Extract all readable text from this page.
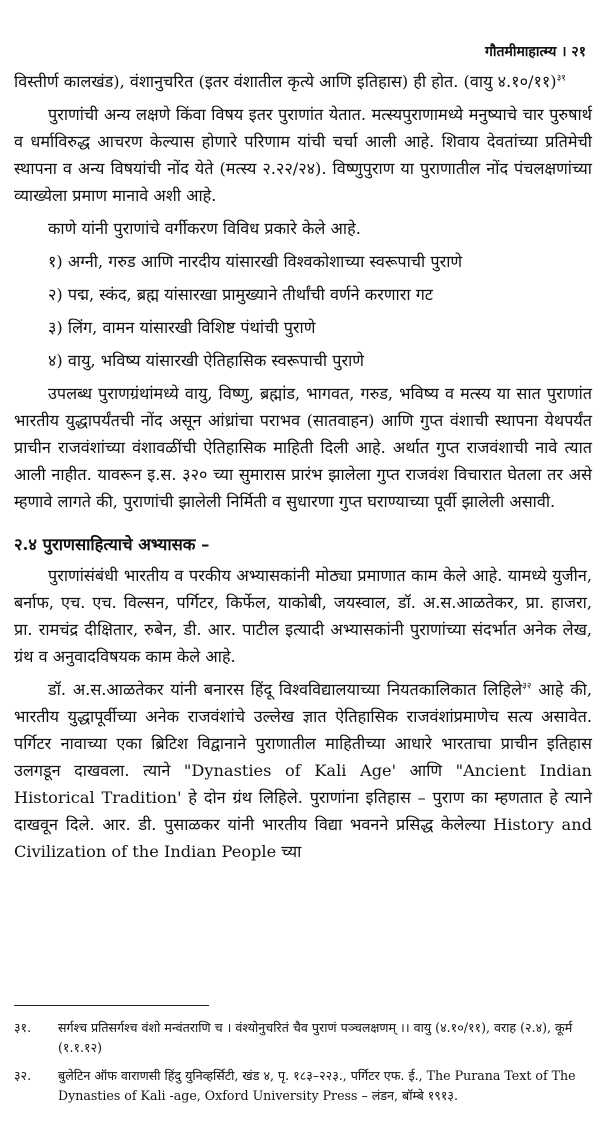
गौतमीमाहात्म्य । २१

विस्तीर्ण कालखंड), वंशानुचरित (इतर वंशातील कृत्ये आणि इतिहास) ही होत. (वायु ४.१०/११)$^{३१}$

पुराणांची अन्य लक्षणे किंवा विषय इतर पुराणांत येतात. मत्स्यपुराणामध्ये मनुष्याचे चार पुरुषार्थ व धर्माविरुद्ध आचरण केल्यास होणारे परिणाम यांची चर्चा आली आहे. शिवाय देवतांच्या प्रतिमेची स्थापना व अन्य विषयांची नोंद येते (मत्स्य २.२२/२४). विष्णुपुराण या पुराणातील नोंद पंचलक्षणांच्या व्याख्येला प्रमाण मानावे अशी आहे.

काणे यांनी पुराणांचे वर्गीकरण विविध प्रकारे केले आहे.

१) अग्नी, गरुड आणि नारदीय यांसारखी विश्वकोशाच्या स्वरूपाची पुराणे
२) पद्म, स्कंद, ब्रह्म यांसारखा प्रामुख्याने तीर्थांची वर्णने करणारा गट
३) लिंग, वामन यांसारखी विशिष्ट पंथांची पुराणे
४) वायु, भविष्य यांसारखी ऐतिहासिक स्वरूपाची पुराणे

उपलब्ध पुराणग्रंथांमध्ये वायु, विष्णु, ब्रह्मांड, भागवत, गरुड, भविष्य व मत्स्य या सात पुराणांत भारतीय युद्धापर्यंतची नोंद असून आंध्रांचा पराभव (सातवाहन) आणि गुप्त वंशाची स्थापना येथपर्यंत प्राचीन राजवंशांच्या वंशावळींची ऐतिहासिक माहिती दिली आहे. अर्थात गुप्त राजवंशाची नावे त्यात आली नाहीत. यावरून इ.स. ३२० च्या सुमारास प्रारंभ झालेला गुप्त राजवंश विचारात घेतला तर असे म्हणावे लागते की, पुराणांची झालेली निर्मिती व सुधारणा गुप्त घराण्याच्या पूर्वी झालेली असावी.

२.४ पुराणसाहित्याचे अभ्यासक –

पुराणांसंबंधी भारतीय व परकीय अभ्यासकांनी मोठ्या प्रमाणात काम केले आहे. यामध्ये युजीन, बर्नाफ, एच. एच. विल्सन, पर्गिटर, किर्फेल, याकोबी, जयस्वाल, डॉ. अ.स.आळतेकर, प्रा. हाजरा, प्रा. रामचंद्र दीक्षितार, रुबेन, डी. आर. पाटील इत्यादी अभ्यासकांनी पुराणांच्या संदर्भात अनेक लेख, ग्रंथ व अनुवादविषयक काम केले आहे.

डॉ. अ.स.आळतेकर यांनी बनारस हिंदू विश्वविद्यालयाच्या नियतकालिकात लिहिले$^{३२}$ आहे की, भारतीय युद्धापूर्वीच्या अनेक राजवंशांचे उल्लेख ज्ञात ऐतिहासिक राजवंशांप्रमाणेच सत्य असावेत. पर्गिटर नावाच्या एका ब्रिटिश विद्वानाने पुराणातील माहितीच्या आधारे भारताचा प्राचीन इतिहास उलगडून दाखवला. त्याने "Dynasties of Kali Age' आणि "Ancient Indian Historical Tradition' हे दोन ग्रंथ लिहिले. पुराणांना इतिहास – पुराण का म्हणतात हे त्याने दाखवून दिले. आर. डी. पुसाळकर यांनी भारतीय विद्या भवनने प्रसिद्ध केलेल्या History and Civilization of the Indian People च्या

३१. सर्गश्च प्रतिसर्गश्च वंशो मन्वंतराणि च । वंश्योनुचरितं चैव पुराणं पञ्चलक्षणम् ।। वायु (४.१०/११), वराह (२.४), कूर्म (१.१.१२)
३२. बुलेटिन ऑफ वाराणसी हिंदु युनिव्हर्सिटी, खंड ४, पृ. १८३–२२३., पर्गिटर एफ. ई., The Purana Text of The Dynasties of Kali -age, Oxford University Press – लंडन, बॉम्बे १९१३.
